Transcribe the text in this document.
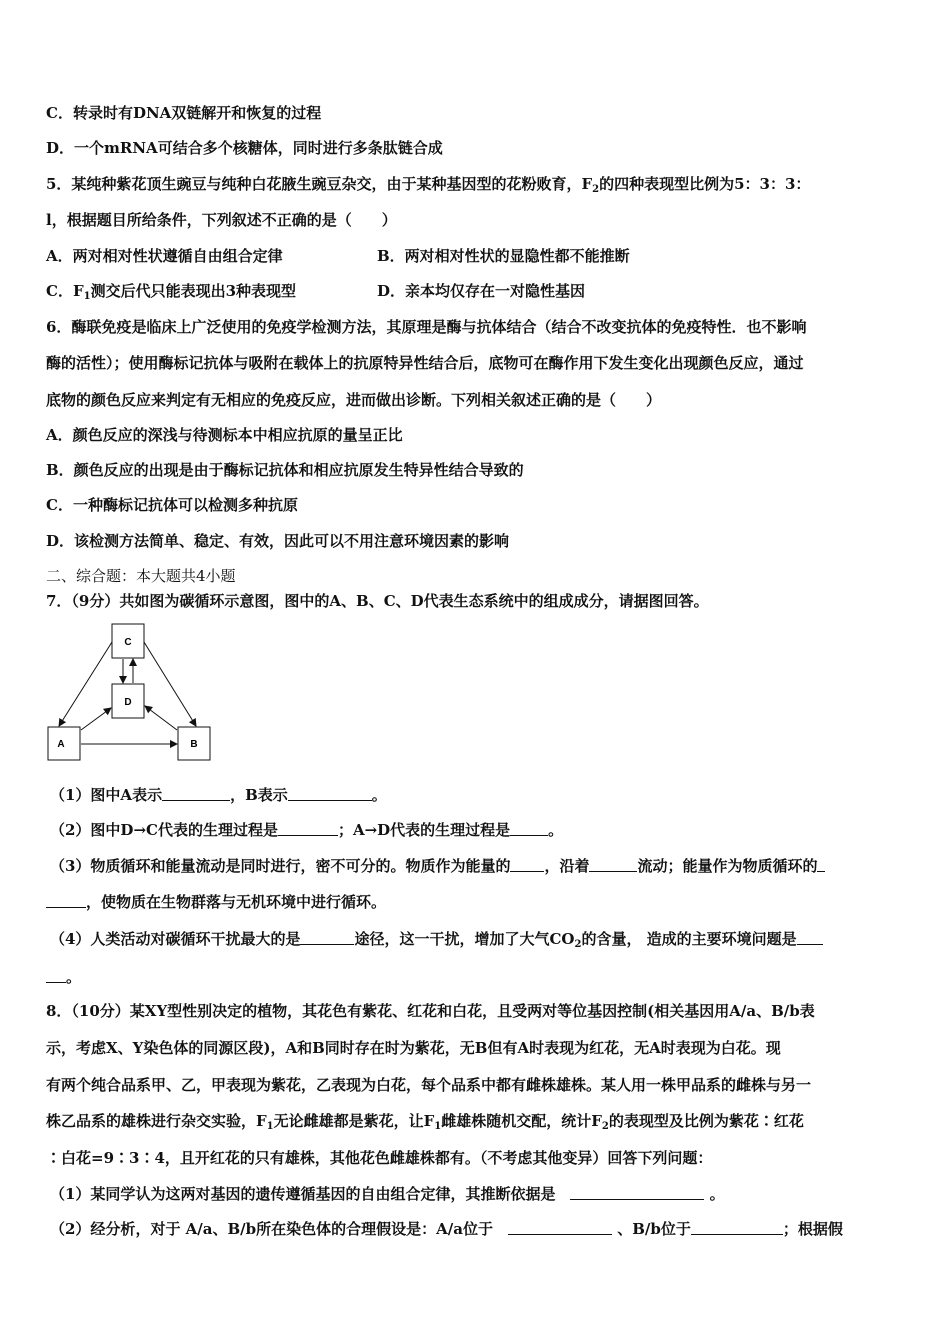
C．转录时有DNA双链解开和恢复的过程
D．一个mRNA可结合多个核糖体，同时进行多条肽链合成
5．某纯种紫花顶生豌豆与纯种白花腋生豌豆杂交，由于某种基因型的花粉败育，$F_2$的四种表现型比例为5：3：3：
l，根据题目所给条件，下列叙述不正确的是（　　）
A．两对相对性状遵循自由组合定律	B．两对相对性状的显隐性都不能推断
C．$F_1$测交后代只能表现出3种表现型	D．亲本均仅存在一对隐性基因
6．酶联免疫是临床上广泛使用的免疫学检测方法，其原理是酶与抗体结合（结合不改变抗体的免疫特性．也不影响
酶的活性）；使用酶标记抗体与吸附在载体上的抗原特异性结合后，底物可在酶作用下发生变化出现颜色反应，通过
底物的颜色反应来判定有无相应的免疫反应，进而做出诊断。下列相关叙述正确的是（　　）
A．颜色反应的深浅与待测标本中相应抗原的量呈正比
B．颜色反应的出现是由于酶标记抗体和相应抗原发生特异性结合导致的
C．一种酶标记抗体可以检测多种抗原
D．该检测方法简单、稳定、有效，因此可以不用注意环境因素的影响
二、综合题：本大题共4小题
7．（9分）共如图为碳循环示意图，图中的A、B、C、D代表生态系统中的组成成分，请据图回答。
C
D
A	B
（1）图中A表示	，B表示	。
（2）图中D→C代表的生理过程是	；A→D代表的生理过程是	。
（3）物质循环和能量流动是同时进行，密不可分的。物质作为能量的 ，沿着	流动；能量作为物质循环的
，使物质在生物群落与无机环境中进行循环。
（4）人类活动对碳循环干扰最大的是	途径，这一干扰，增加了大气$CO_2$的含量， 造成的主要环境问题是
。
8．（10分）某XY型性别决定的植物，其花色有紫花、红花和白花，且受两对等位基因控制(相关基因用A/a、B/b表
示，考虑X、Y染色体的同源区段)，A和B同时存在时为紫花，无B但有A时表现为红花，无A时表现为白花。现
有两个纯合品系甲、乙，甲表现为紫花，乙表现为白花，每个品系中都有雌株雄株。某人用一株甲品系的雌株与另一
株乙品系的雄株进行杂交实验，$F_1$无论雌雄都是紫花，让$F_1$雌雄株随机交配，统计$F_2$的表现型及比例为紫花∶红花
∶白花=9∶3∶4，且开红花的只有雄株，其他花色雌雄株都有。（不考虑其他变异）回答下列问题：
（1）某同学认为这两对基因的遗传遵循基因的自由组合定律，其推断依据是　	。
（2）经分析，对于 A/a、B/b所在染色体的合理假设是：A/a位于　	、B/b位于	；根据假
